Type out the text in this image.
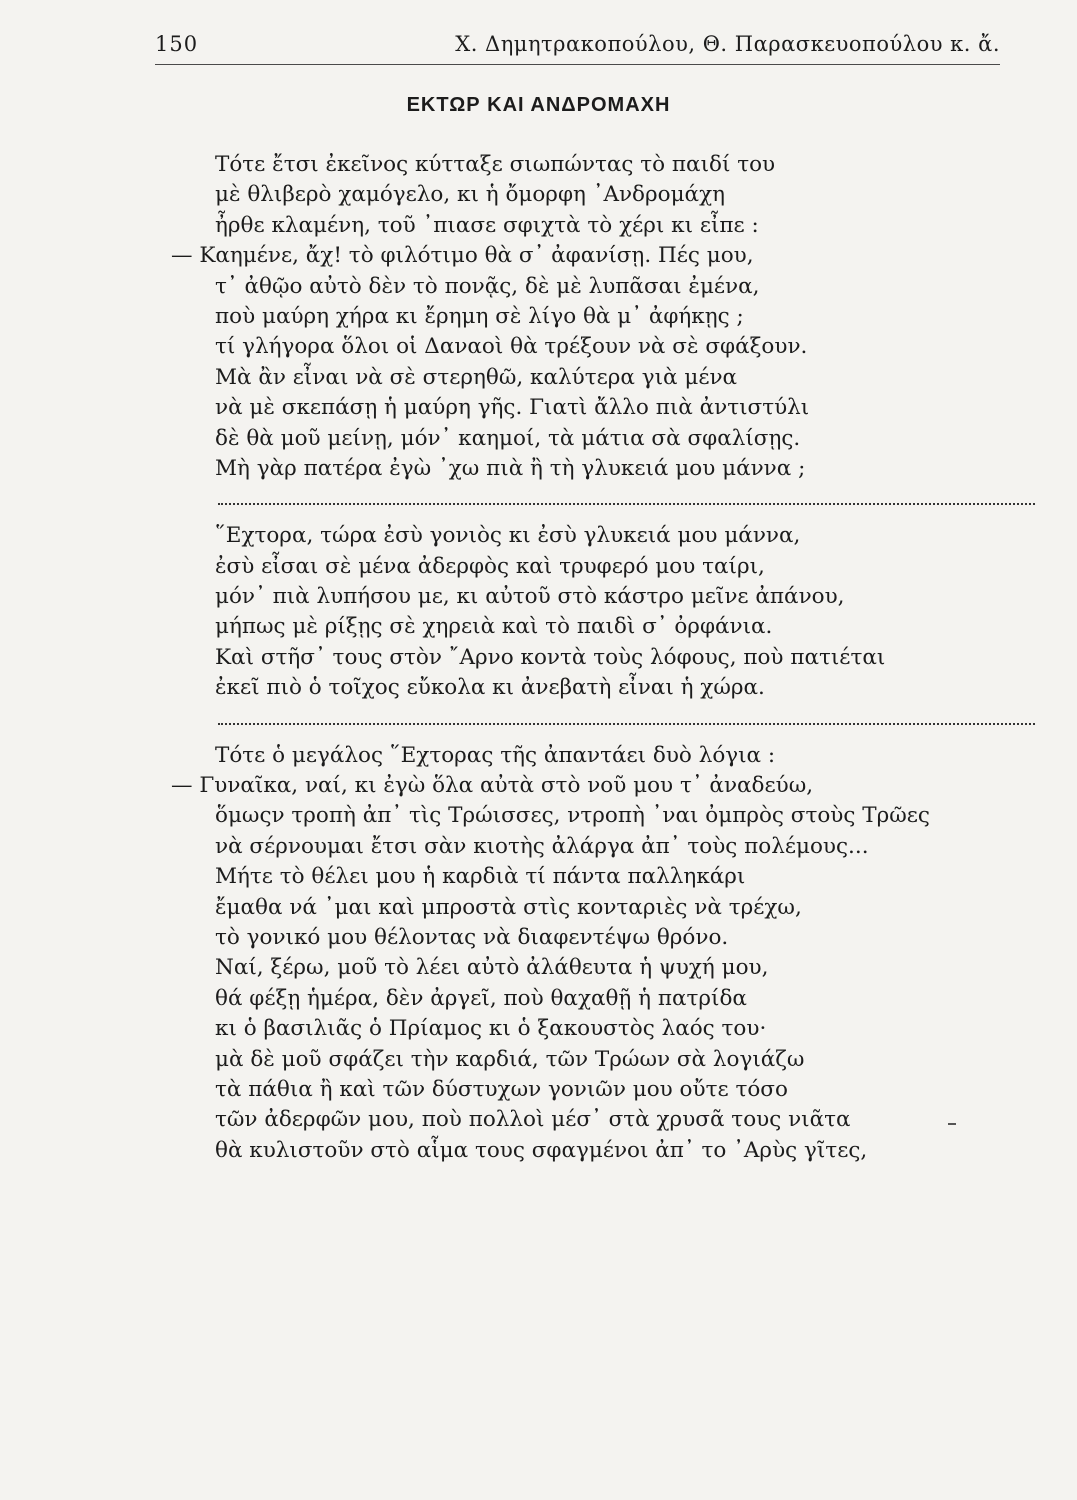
150	Χ. Δημητρακοπούλου, Θ. Παρασκευοπούλου κ. ἄ.
ΕΚΤΩΡ ΚΑΙ ΑΝΔΡΟΜΑΧΗ
Τότε ἔτσι ἐκεῖνος κύτταξε σιωπώντας τὸ παιδί του
μὲ θλιβερὸ χαμόγελο, κι ἡ ὄμορφη ᾿Ανδρομάχη
ἦρθε κλαμένη, τοῦ ᾿πιασε σφιχτὰ τὸ χέρι κι εἶπε :
— Καημένε, ἄχ! τὸ φιλότιμο θὰ σ᾿ ἀφανίσῃ. Πές μου,
τ᾿ ἀθῷο αὐτὸ δὲν τὸ πονᾷς, δὲ μὲ λυπᾶσαι ἐμένα,
ποὺ μαύρη χήρα κι ἔρημη σὲ λίγο θὰ μ᾿ ἀφήκῃς ;
τί γλήγορα ὅλοι οἱ Δαναοὶ θὰ τρέξουν νὰ σὲ σφάξουν.
Μὰ ἂν εἶναι νὰ σὲ στερηθῶ, καλύτερα γιὰ μένα
νὰ μὲ σκεπάσῃ ἡ μαύρη γῆς. Γιατὶ ἄλλο πιὰ ἀντιστύλι
δὲ θὰ μοῦ μείνῃ, μόν᾿ καημοί, τὰ μάτια σὰ σφαλίσῃς.
Μὴ γὰρ πατέρα ἐγὼ ᾿χω πιὰ ἢ τὴ γλυκειά μου μάννα ;
῞Εχτορα, τώρα ἐσὺ γονιὸς κι ἐσὺ γλυκειά μου μάννα,
ἐσὺ εἶσαι σὲ μένα ἀδερφὸς καὶ τρυφερό μου ταίρι,
μόν᾿ πιὰ λυπήσου με, κι αὐτοῦ στὸ κάστρο μεῖνε ἀπάνου,
μήπως μὲ ρίξῃς σὲ χηρειὰ καὶ τὸ παιδὶ σ᾿ ὀρφάνια.
Καὶ στῆσ᾿ τους στὸν ῎Αρνο κοντὰ τοὺς λόφους, ποὺ πατιέται
ἐκεῖ πιὸ ὁ τοῖχος εὔκολα κι ἀνεβατὴ εἶναι ἡ χώρα.
Τότε ὁ μεγάλος ῞Εχτορας τῆς ἀπαντάει δυὸ λόγια :
— Γυναῖκα, ναί, κι ἐγὼ ὅλα αὐτὰ στὸ νοῦ μου τ᾿ ἀναδεύω,
ὅμωςν τροπὴ ἀπ᾿ τὶς Τρώισσες, ντροπὴ ᾿ναι ὀμπρὸς στοὺς Τρῶες
νὰ σέρνουμαι ἔτσι σὰν κιοτὴς ἀλάργα ἀπ᾿ τοὺς πολέμους...
Μήτε τὸ θέλει μου ἡ καρδιὰ τί πάντα παλληκάρι
ἔμαθα νά ᾿μαι καὶ μπροστὰ στὶς κονταριὲς νὰ τρέχω,
τὸ γονικό μου θέλοντας νὰ διαφεντέψω θρόνο.
Ναί, ξέρω, μοῦ τὸ λέει αὐτὸ ἀλάθευτα ἡ ψυχή μου,
θά φέξῃ ἡμέρα, δὲν ἀργεῖ, ποὺ θαχαθῇ ἡ πατρίδα
κι ὁ βασιλιᾶς ὁ Πρίαμος κι ὁ ξακουστὸς λαός του·
μὰ δὲ μοῦ σφάζει τὴν καρδιά, τῶν Τρώων σὰ λογιάζω
τὰ πάθια ἢ καὶ τῶν δύστυχων γονιῶν μου οὔτε τόσο
τῶν ἀδερφῶν μου, ποὺ πολλοὶ μέσ᾿ στὰ χρυσᾶ τους νιᾶτα
θὰ κυλιστοῦν στὸ αἷμα τους σφαγμένοι ἀπ᾿ το ᾿Αρὺς γῖτες,
